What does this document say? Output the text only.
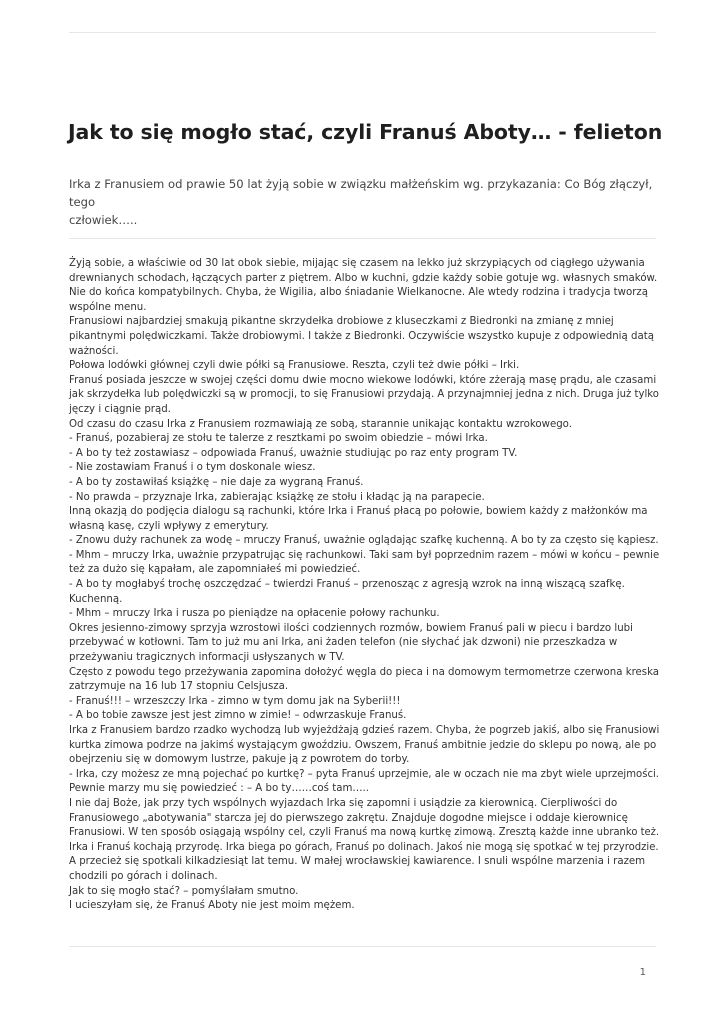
Jak to się mogło stać, czyli Franuś Aboty… - felieton
Irka z Franusiem od prawie 50 lat żyją sobie w związku małżeńskim wg. przykazania: Co Bóg złączył, tego
człowiek…..
Żyją sobie, a właściwie od 30 lat obok siebie, mijając się czasem na lekko już skrzypiących od ciągłego używania
drewnianych schodach, łączących parter z piętrem. Albo w kuchni, gdzie każdy sobie gotuje wg. własnych smaków.
Nie do końca kompatybilnych. Chyba, że Wigilia, albo śniadanie Wielkanocne. Ale wtedy rodzina i tradycja tworzą
wspólne menu.
Franusiowi najbardziej smakują pikantne skrzydełka drobiowe z kluseczkami z Biedronki na zmianę z mniej
pikantnymi polędwiczkami. Także drobiowymi. I także z Biedronki. Oczywiście wszystko kupuje z odpowiednią datą
ważności.
Połowa lodówki głównej czyli dwie półki są Franusiowe. Reszta, czyli też dwie półki – Irki.
Franuś posiada jeszcze w swojej części domu dwie mocno wiekowe lodówki, które zżerają masę prądu, ale czasami
jak skrzydełka lub polędwiczki są w promocji, to się Franusiowi przydają. A przynajmniej jedna z nich. Druga już tylko
jęczy i ciągnie prąd.
Od czasu do czasu Irka z Franusiem rozmawiają ze sobą, starannie unikając kontaktu wzrokowego.
- Franuś, pozabieraj ze stołu te talerze z resztkami po swoim obiedzie – mówi Irka.
- A bo ty też zostawiasz – odpowiada Franuś, uważnie studiując po raz enty program TV.
- Nie zostawiam Franuś i o tym doskonale wiesz.
- A bo ty zostawiłaś książkę – nie daje za wygraną Franuś.
- No prawda – przyznaje Irka, zabierając książkę ze stołu i kładąc ją na parapecie.
Inną okazją do podjęcia dialogu są rachunki, które Irka i Franuś płacą po połowie, bowiem każdy z małżonków ma
własną kasę, czyli wpływy z emerytury.
- Znowu duży rachunek za wodę – mruczy Franuś, uważnie oglądając szafkę kuchenną. A bo ty za często się kąpiesz.
- Mhm – mruczy Irka, uważnie przypatrując się rachunkowi. Taki sam był poprzednim razem – mówi w końcu – pewnie
też za dużo się kąpałam, ale zapomniałeś mi powiedzieć.
- A bo ty mogłabyś trochę oszczędzać – twierdzi Franuś – przenosząc z agresją wzrok na inną wiszącą szafkę.
Kuchenną.
- Mhm – mruczy Irka i rusza po pieniądze na opłacenie połowy rachunku.
Okres jesienno-zimowy sprzyja wzrostowi ilości codziennych rozmów, bowiem Franuś pali w piecu i bardzo lubi
przebywać w kotłowni. Tam to już mu ani Irka, ani żaden telefon (nie słychać jak dzwoni) nie przeszkadza w
przeżywaniu tragicznych informacji usłyszanych w TV.
Często z powodu tego przeżywania zapomina dołożyć węgla do pieca i na domowym termometrze czerwona kreska
zatrzymuje na 16 lub 17 stopniu Celsjusza.
- Franuś!!! – wrzeszczy Irka - zimno w tym domu jak na Syberii!!!
- A bo tobie zawsze jest jest zimno w zimie! – odwrzaskuje Franuś.
Irka z Franusiem bardzo rzadko wychodzą lub wyjeżdżają gdzieś razem. Chyba, że pogrzeb jakiś, albo się Franusiowi
kurtka zimowa podrze na jakimś wystającym gwoździu. Owszem, Franuś ambitnie jedzie do sklepu po nową, ale po
obejrzeniu się w domowym lustrze, pakuje ją z powrotem do torby.
- Irka, czy możesz ze mną pojechać po kurtkę? – pyta Franuś uprzejmie, ale w oczach nie ma zbyt wiele uprzejmości.
Pewnie marzy mu się powiedzieć : – A bo ty……coś tam…..
I nie daj Boże, jak przy tych wspólnych wyjazdach Irka się zapomni i usiądzie za kierownicą. Cierpliwości do
Franusiowego „abotywania" starcza jej do pierwszego zakrętu. Znajduje dogodne miejsce i oddaje kierownicę
Franusiowi. W ten sposób osiągają wspólny cel, czyli Franuś ma nową kurtkę zimową. Zresztą każde inne ubranko też.
Irka i Franuś kochają przyrodę. Irka biega po górach, Franuś po dolinach. Jakoś nie mogą się spotkać w tej przyrodzie.
A przecież się spotkali kilkadziesiąt lat temu. W małej wrocławskiej kawiarence. I snuli wspólne marzenia i razem
chodzili po górach i dolinach.
Jak to się mogło stać? – pomyślałam smutno.
I ucieszyłam się, że Franuś Aboty nie jest moim mężem.
1
